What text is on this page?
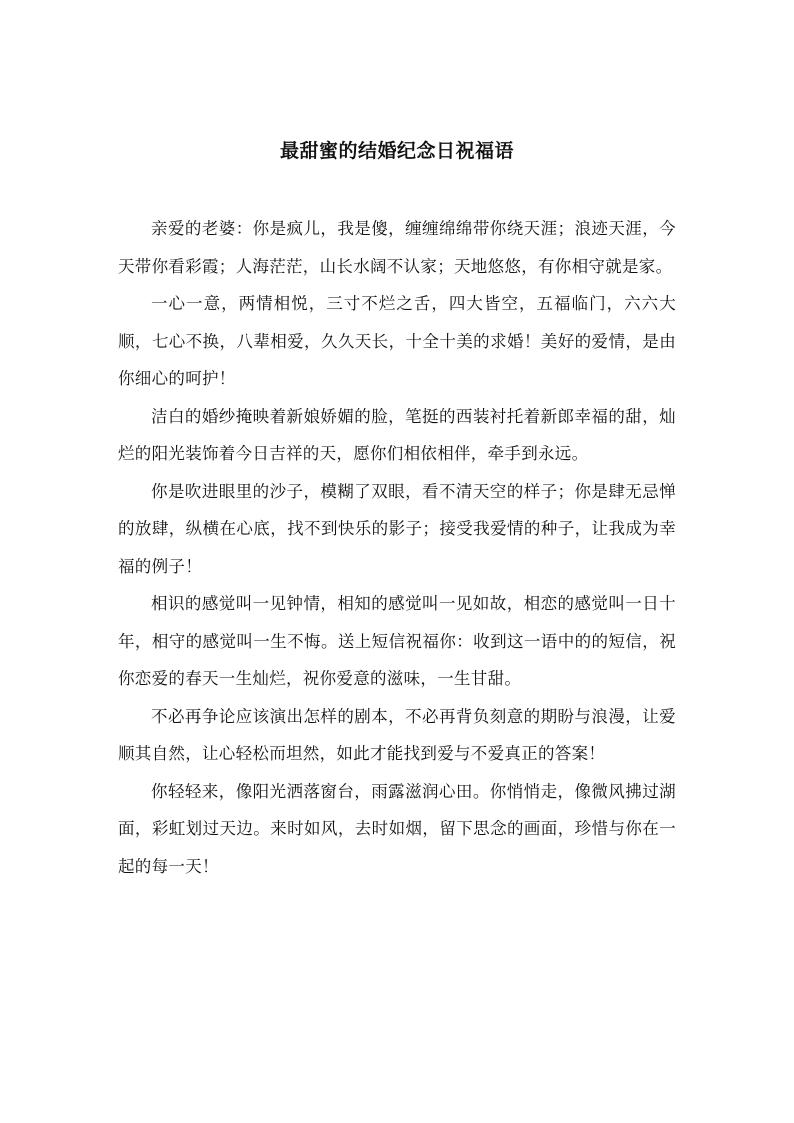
最甜蜜的结婚纪念日祝福语

亲爱的老婆：你是疯儿，我是傻，缠缠绵绵带你绕天涯；浪迹天涯，今天带你看彩霞；人海茫茫，山长水阔不认家；天地悠悠，有你相守就是家。

一心一意，两情相悦，三寸不烂之舌，四大皆空，五福临门，六六大顺，七心不换，八辈相爱，久久天长，十全十美的求婚！美好的爱情，是由你细心的呵护！

洁白的婚纱掩映着新娘娇媚的脸，笔挺的西装衬托着新郎幸福的甜，灿烂的阳光装饰着今日吉祥的天，愿你们相依相伴，牵手到永远。

你是吹进眼里的沙子，模糊了双眼，看不清天空的样子；你是肆无忌惮的放肆，纵横在心底，找不到快乐的影子；接受我爱情的种子，让我成为幸福的例子！

相识的感觉叫一见钟情，相知的感觉叫一见如故，相恋的感觉叫一日十年，相守的感觉叫一生不悔。送上短信祝福你：收到这一语中的的短信，祝你恋爱的春天一生灿烂，祝你爱意的滋味，一生甘甜。

不必再争论应该演出怎样的剧本，不必再背负刻意的期盼与浪漫，让爱顺其自然，让心轻松而坦然，如此才能找到爱与不爱真正的答案！

你轻轻来，像阳光洒落窗台，雨露滋润心田。你悄悄走，像微风拂过湖面，彩虹划过天边。来时如风，去时如烟，留下思念的画面，珍惜与你在一起的每一天！
